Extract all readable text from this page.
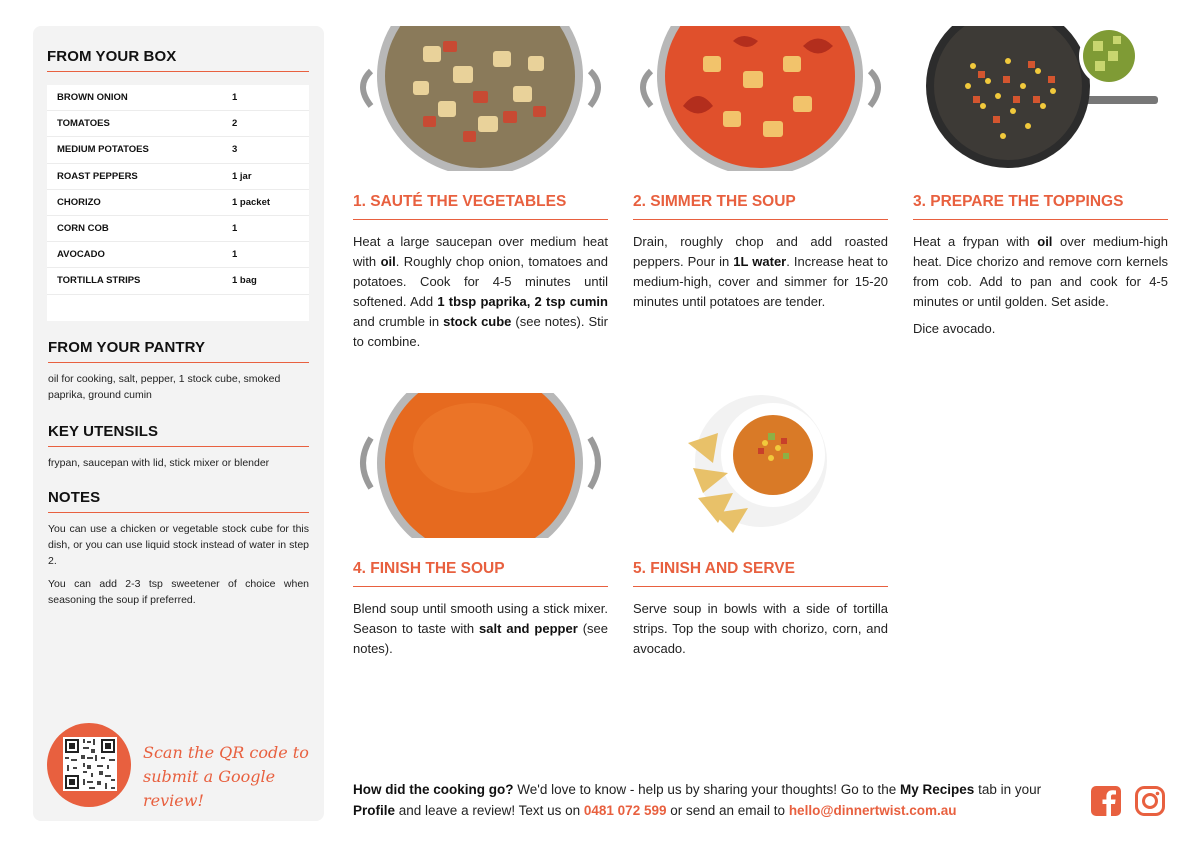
FROM YOUR BOX
BROWN ONION	1
TOMATOES	2
MEDIUM POTATOES	3
ROAST PEPPERS	1 jar
CHORIZO	1 packet
CORN COB	1
AVOCADO	1
TORTILLA STRIPS	1 bag
FROM YOUR PANTRY
oil for cooking, salt, pepper, 1 stock cube, smoked paprika, ground cumin
KEY UTENSILS
frypan, saucepan with lid, stick mixer or blender
NOTES

You can use a chicken or vegetable stock cube for this dish, or you can use liquid stock instead of water in step 2.

You can add 2-3 tsp sweetener of choice when seasoning the soup if preferred.

Scan the QR code to submit a Google review!
1. SAUTÉ THE VEGETABLES

Heat a large saucepan over medium heat with oil. Roughly chop onion, tomatoes and potatoes. Cook for 4-5 minutes until softened. Add 1 tbsp paprika, 2 tsp cumin and crumble in stock cube (see notes). Stir to combine.

2. SIMMER THE SOUP

Drain, roughly chop and add roasted peppers. Pour in 1L water. Increase heat to medium-high, cover and simmer for 15-20 minutes until potatoes are tender.

3. PREPARE THE TOPPINGS

Heat a frypan with oil over medium-high heat. Dice chorizo and remove corn kernels from cob. Add to pan and cook for 4-5 minutes or until golden. Set aside.

Dice avocado.

4. FINISH THE SOUP

Blend soup until smooth using a stick mixer. Season to taste with salt and pepper (see notes).

5. FINISH AND SERVE

Serve soup in bowls with a side of tortilla strips. Top the soup with chorizo, corn, and avocado.

How did the cooking go? We'd love to know - help us by sharing your thoughts! Go to the My Recipes tab in your Profile and leave a review! Text us on 0481 072 599 or send an email to hello@dinnertwist.com.au
